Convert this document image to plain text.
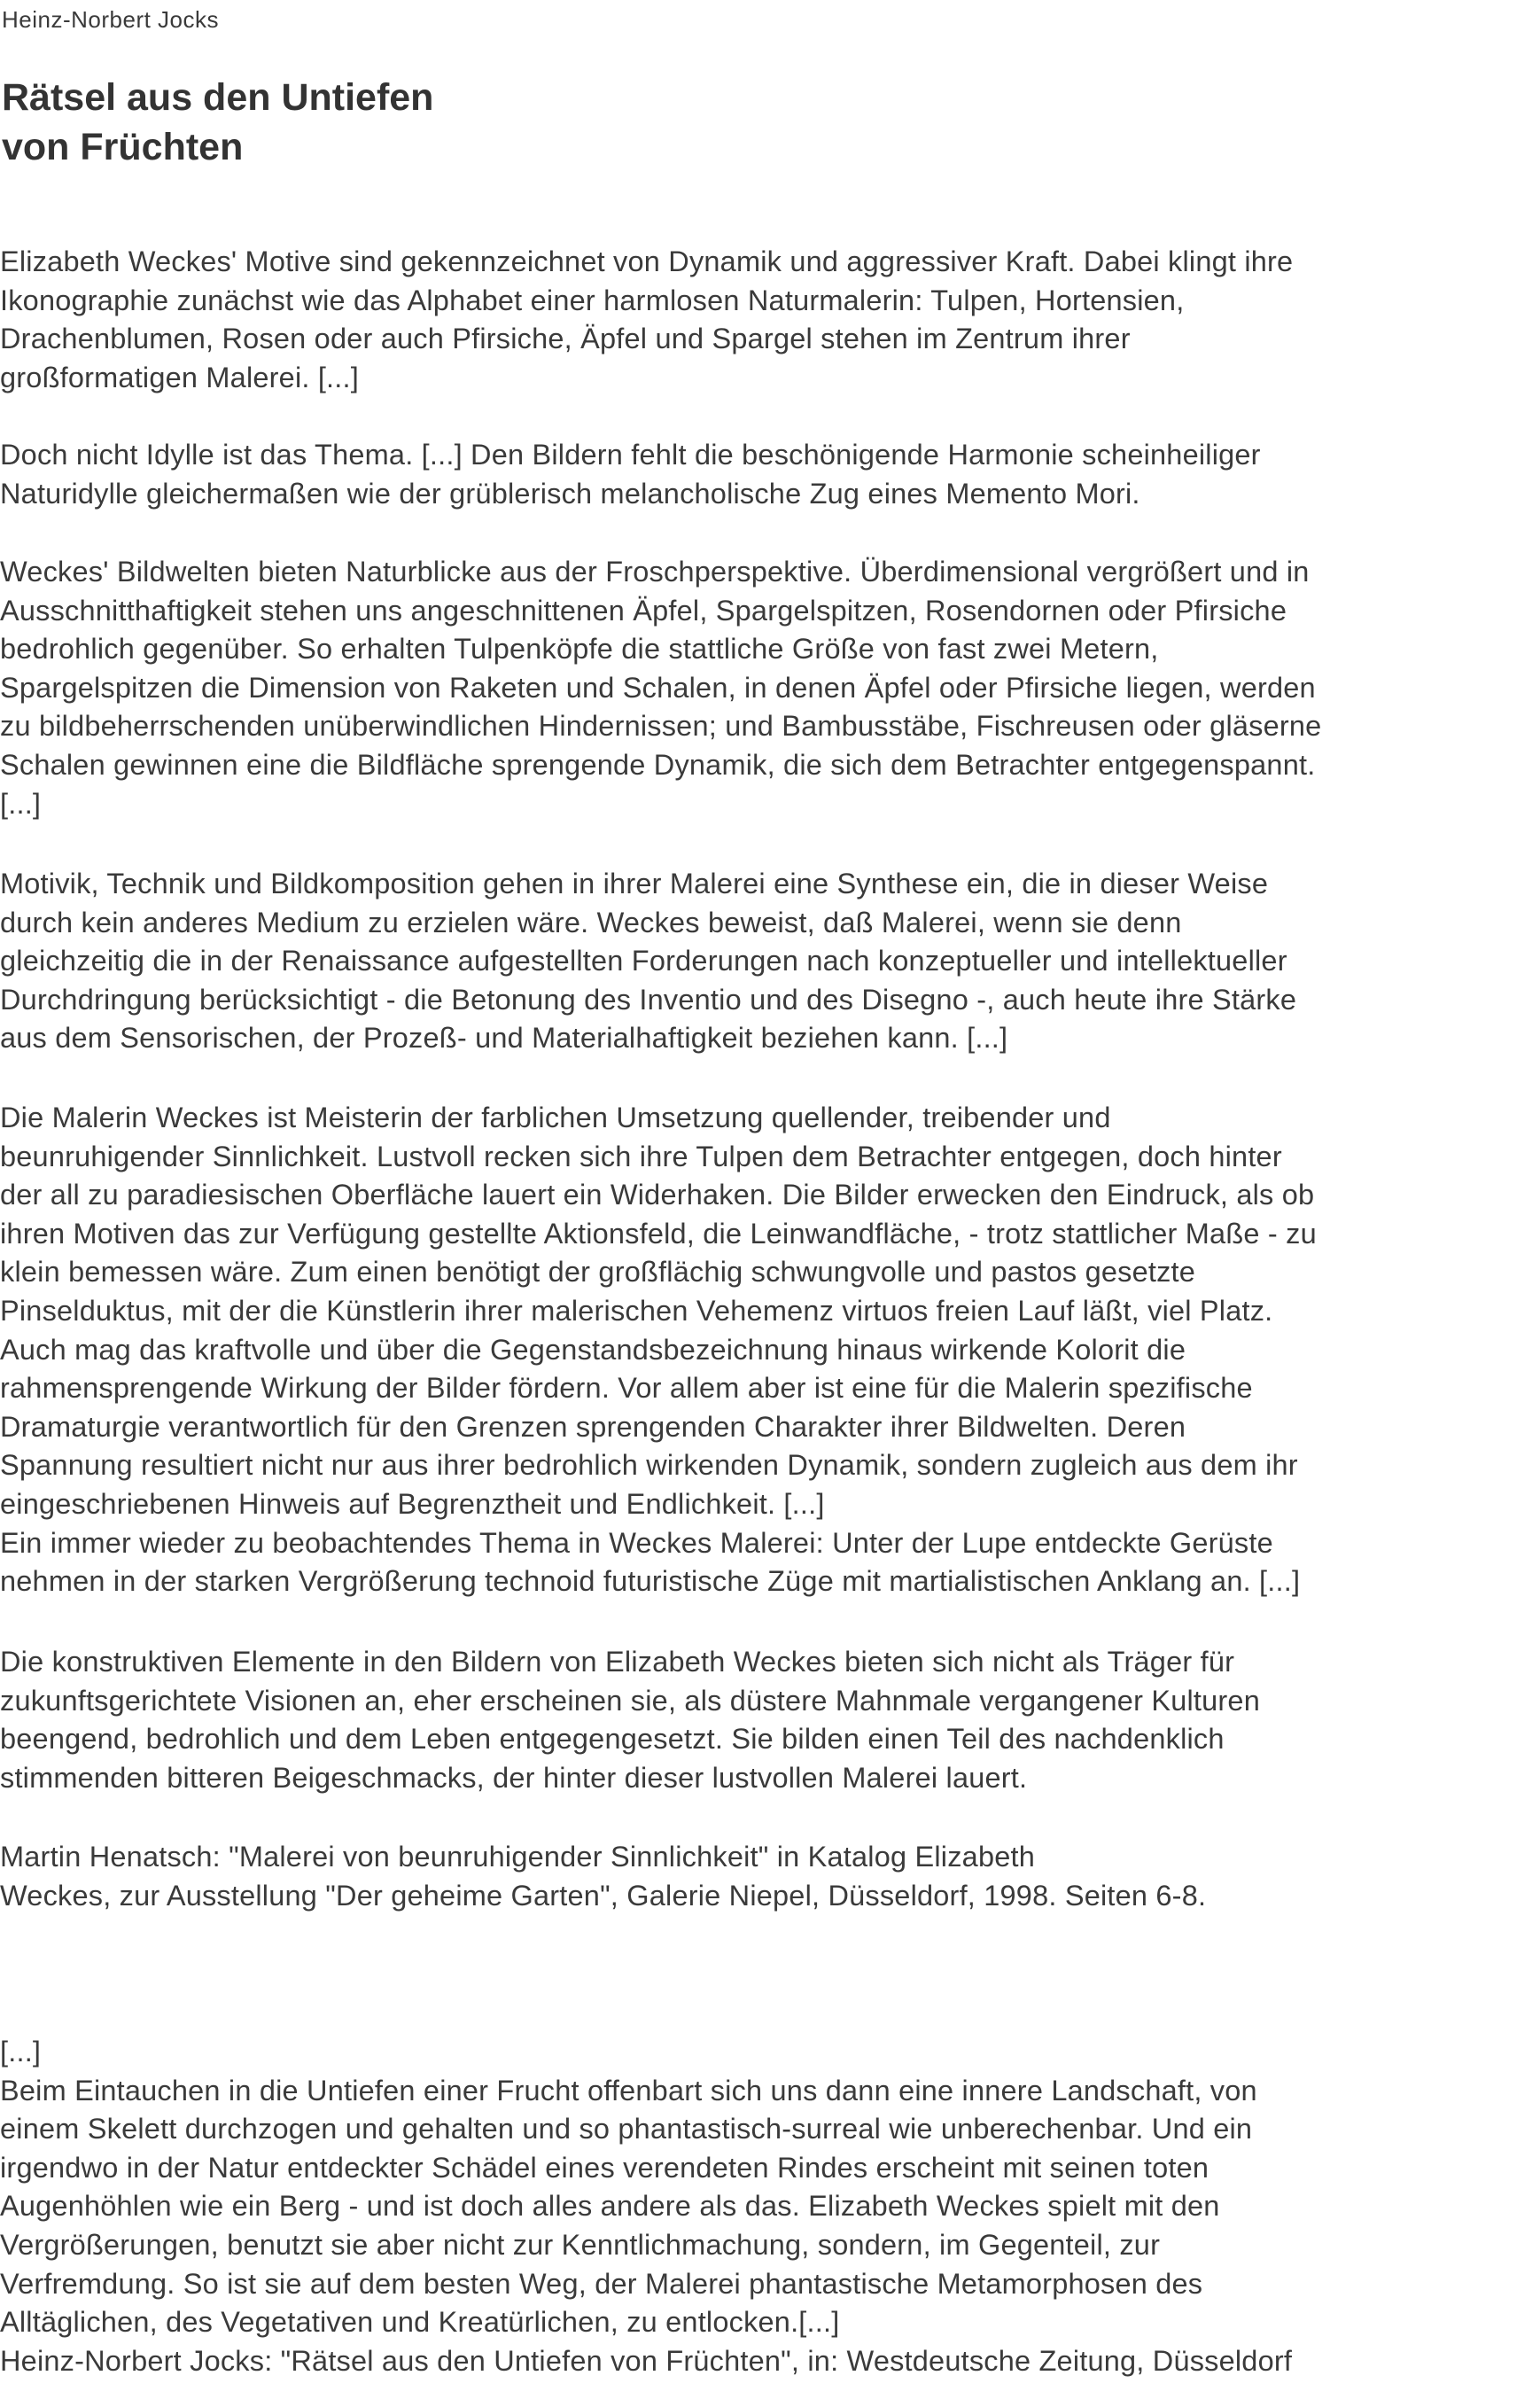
Heinz-Norbert Jocks
Rätsel aus den Untiefen
von Früchten

Elizabeth Weckes' Motive sind gekennzeichnet von Dynamik und aggressiver Kraft. Dabei klingt ihre
Ikonographie zunächst wie das Alphabet einer harmlosen Naturmalerin: Tulpen, Hortensien,
Drachenblumen, Rosen oder auch Pfirsiche, Äpfel und Spargel stehen im Zentrum ihrer
großformatigen Malerei. [...]

Doch nicht Idylle ist das Thema. [...] Den Bildern fehlt die beschönigende Harmonie scheinheiliger
Naturidylle gleichermaßen wie der grüblerisch melancholische Zug eines Memento Mori.

Weckes' Bildwelten bieten Naturblicke aus der Froschperspektive. Überdimensional vergrößert und in
Ausschnitthaftigkeit stehen uns angeschnittenen Äpfel, Spargelspitzen, Rosendornen oder Pfirsiche
bedrohlich gegenüber. So erhalten Tulpenköpfe die stattliche Größe von fast zwei Metern,
Spargelspitzen die Dimension von Raketen und Schalen, in denen Äpfel oder Pfirsiche liegen, werden
zu bildbeherrschenden unüberwindlichen Hindernissen; und Bambusstäbe, Fischreusen oder gläserne
Schalen gewinnen eine die Bildfläche sprengende Dynamik, die sich dem Betrachter entgegenspannt.
[...]

Motivik, Technik und Bildkomposition gehen in ihrer Malerei eine Synthese ein, die in dieser Weise
durch kein anderes Medium zu erzielen wäre. Weckes beweist, daß Malerei, wenn sie denn
gleichzeitig die in der Renaissance aufgestellten Forderungen nach konzeptueller und intellektueller
Durchdringung berücksichtigt - die Betonung des Inventio und des Disegno -, auch heute ihre Stärke
aus dem Sensorischen, der Prozeß- und Materialhaftigkeit beziehen kann. [...]

Die Malerin Weckes ist Meisterin der farblichen Umsetzung quellender, treibender und
beunruhigender Sinnlichkeit. Lustvoll recken sich ihre Tulpen dem Betrachter entgegen, doch hinter
der all zu paradiesischen Oberfläche lauert ein Widerhaken. Die Bilder erwecken den Eindruck, als ob
ihren Motiven das zur Verfügung gestellte Aktionsfeld, die Leinwandfläche, - trotz stattlicher Maße - zu
klein bemessen wäre. Zum einen benötigt der großflächig schwungvolle und pastos gesetzte
Pinselduktus, mit der die Künstlerin ihrer malerischen Vehemenz virtuos freien Lauf läßt, viel Platz.
Auch mag das kraftvolle und über die Gegenstandsbezeichnung hinaus wirkende Kolorit die
rahmensprengende Wirkung der Bilder fördern. Vor allem aber ist eine für die Malerin spezifische
Dramaturgie verantwortlich für den Grenzen sprengenden Charakter ihrer Bildwelten. Deren
Spannung resultiert nicht nur aus ihrer bedrohlich wirkenden Dynamik, sondern zugleich aus dem ihr
eingeschriebenen Hinweis auf Begrenztheit und Endlichkeit. [...]
Ein immer wieder zu beobachtendes Thema in Weckes Malerei: Unter der Lupe entdeckte Gerüste
nehmen in der starken Vergrößerung technoid futuristische Züge mit martialistischen Anklang an. [...]

Die konstruktiven Elemente in den Bildern von Elizabeth Weckes bieten sich nicht als Träger für
zukunftsgerichtete Visionen an, eher erscheinen sie, als düstere Mahnmale vergangener Kulturen
beengend, bedrohlich und dem Leben entgegengesetzt. Sie bilden einen Teil des nachdenklich
stimmenden bitteren Beigeschmacks, der hinter dieser lustvollen Malerei lauert.

Martin Henatsch: "Malerei von beunruhigender Sinnlichkeit" in Katalog Elizabeth
Weckes, zur Ausstellung "Der geheime Garten", Galerie Niepel, Düsseldorf, 1998. Seiten 6-8.

[...]
Beim Eintauchen in die Untiefen einer Frucht offenbart sich uns dann eine innere Landschaft, von
einem Skelett durchzogen und gehalten und so phantastisch-surreal wie unberechenbar. Und ein
irgendwo in der Natur entdeckter Schädel eines verendeten Rindes erscheint mit seinen toten
Augenhöhlen wie ein Berg - und ist doch alles andere als das. Elizabeth Weckes spielt mit den
Vergrößerungen, benutzt sie aber nicht zur Kenntlichmachung, sondern, im Gegenteil, zur
Verfremdung. So ist sie auf dem besten Weg, der Malerei phantastische Metamorphosen des
Alltäglichen, des Vegetativen und Kreatürlichen, zu entlocken.[...]
Heinz-Norbert Jocks: "Rätsel aus den Untiefen von Früchten", in: Westdeutsche Zeitung, Düsseldorf
